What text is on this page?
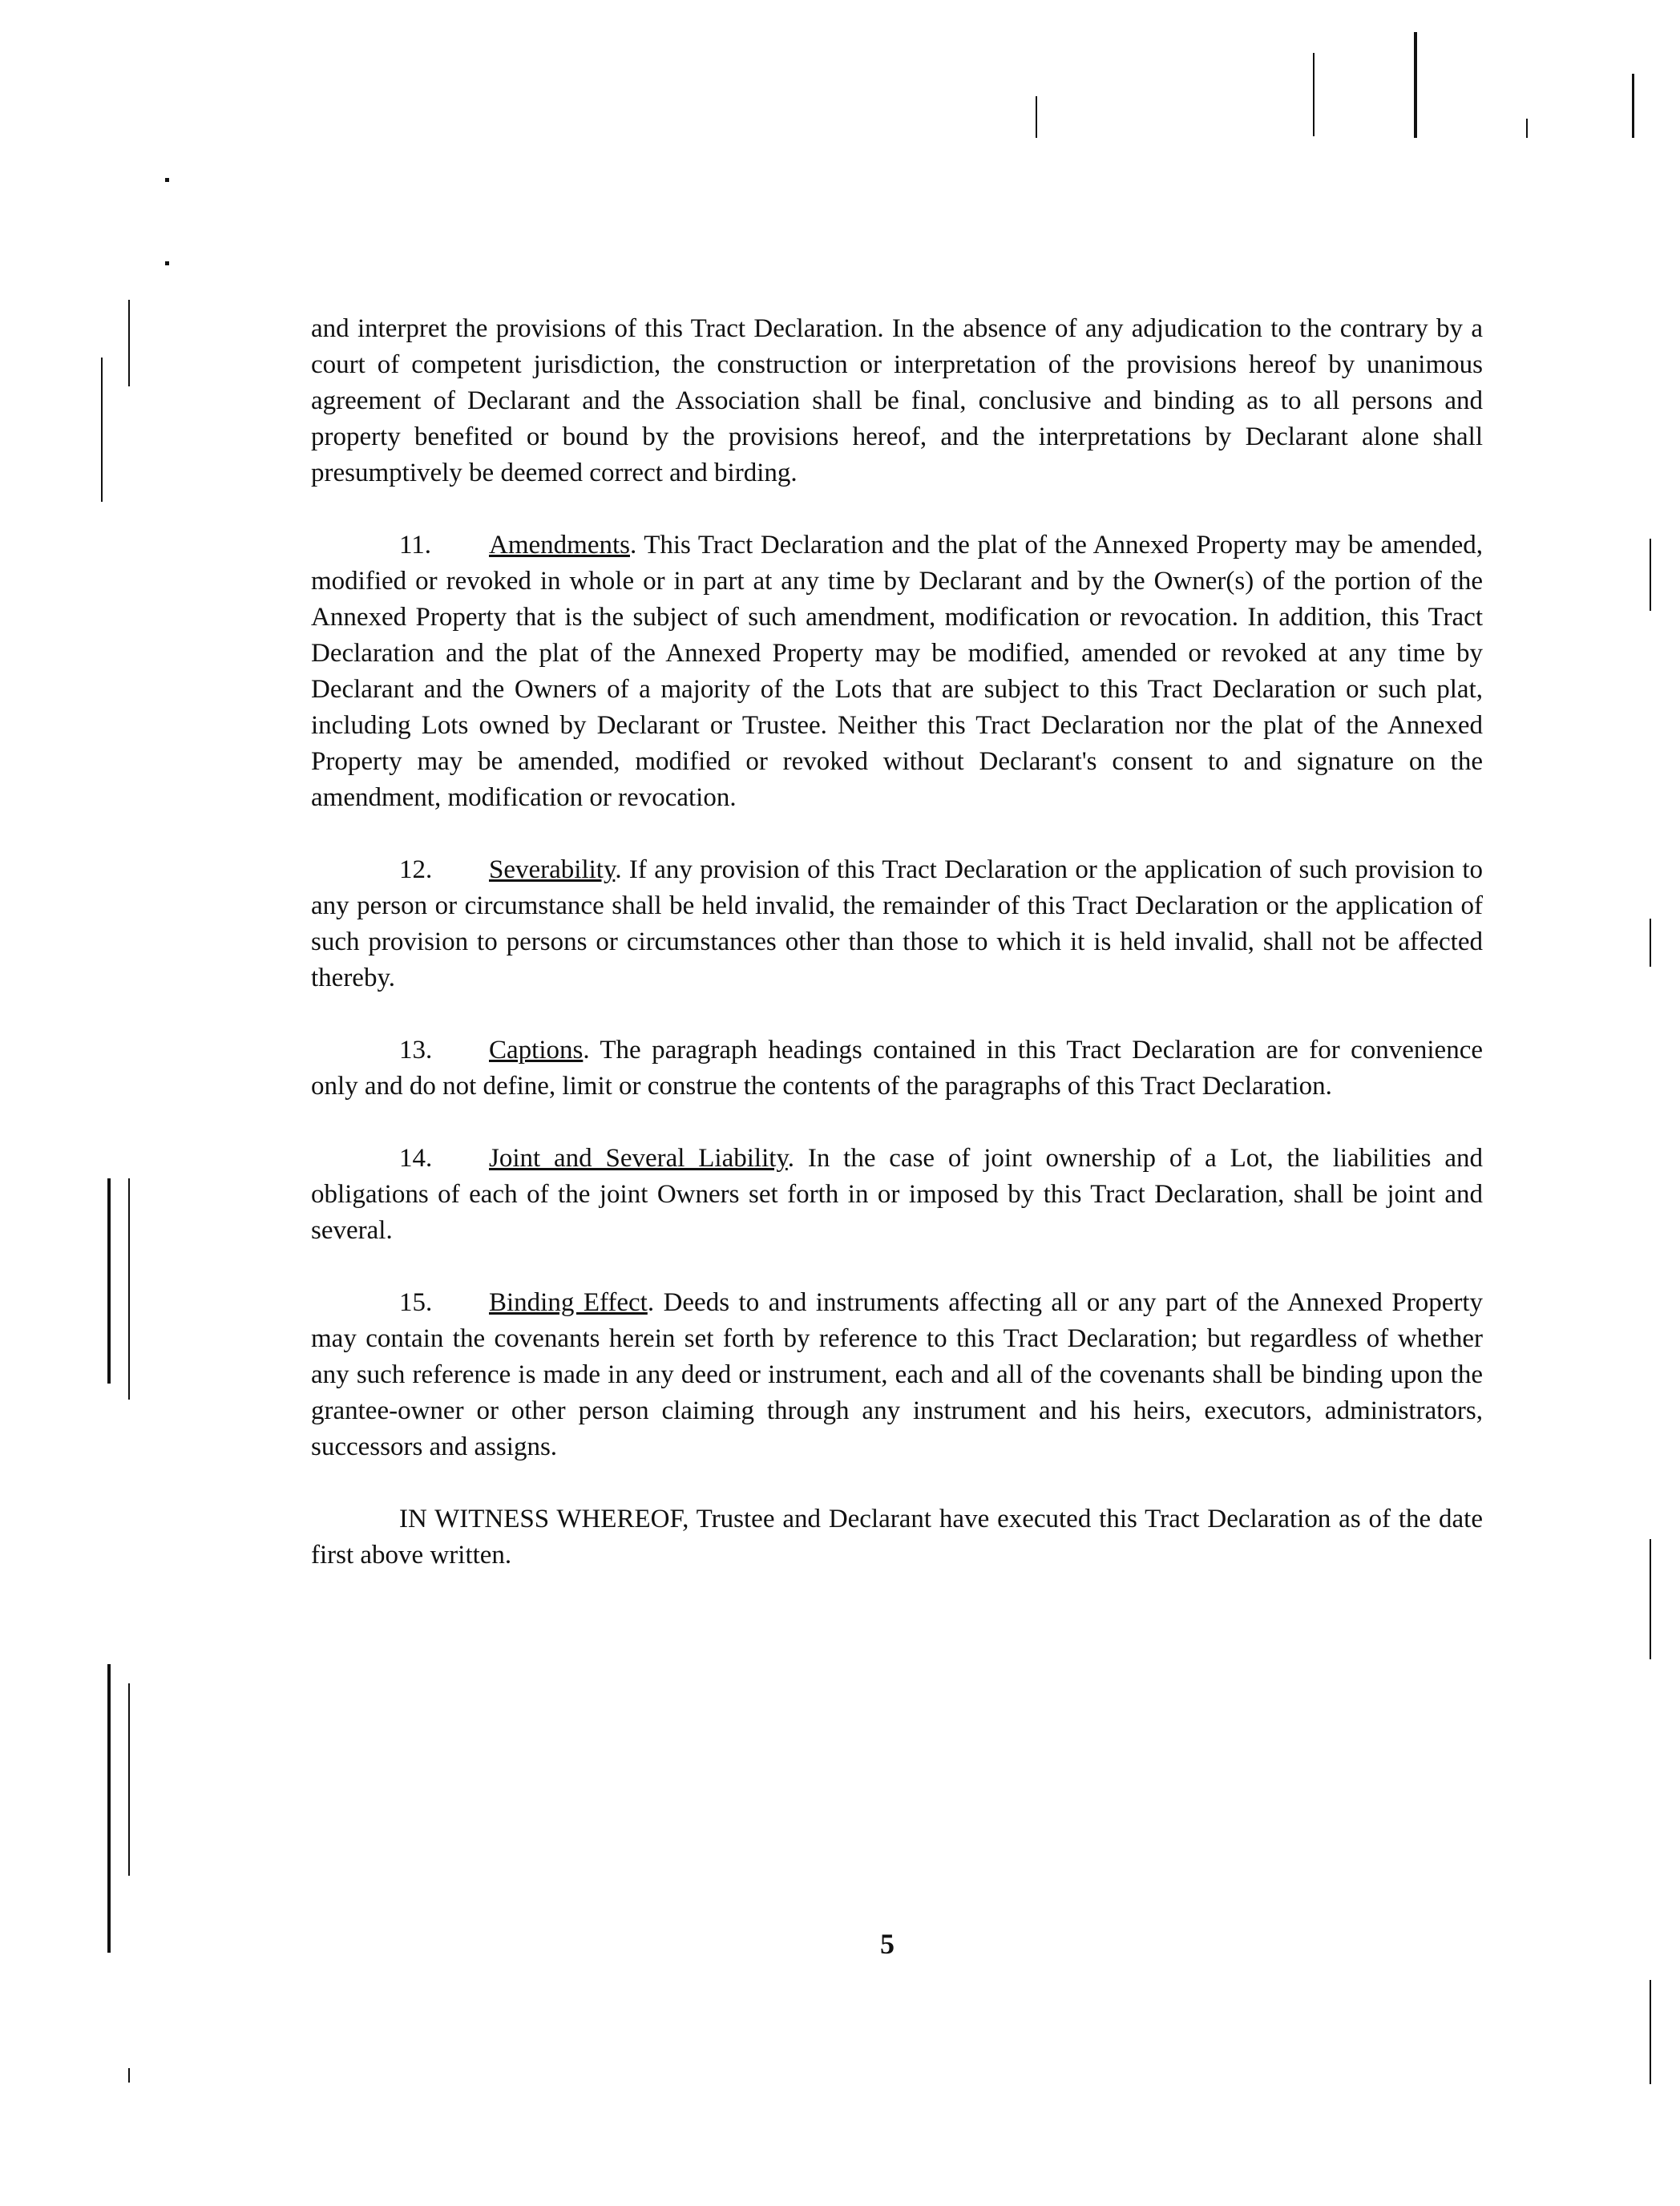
and interpret the provisions of this Tract Declaration. In the absence of any adjudication to the contrary by a court of competent jurisdiction, the construction or interpretation of the provisions hereof by unanimous agreement of Declarant and the Association shall be final, conclusive and binding as to all persons and property benefited or bound by the provisions hereof, and the interpretations by Declarant alone shall presumptively be deemed correct and birding.

11. Amendments. This Tract Declaration and the plat of the Annexed Property may be amended, modified or revoked in whole or in part at any time by Declarant and by the Owner(s) of the portion of the Annexed Property that is the subject of such amendment, modification or revocation. In addition, this Tract Declaration and the plat of the Annexed Property may be modified, amended or revoked at any time by Declarant and the Owners of a majority of the Lots that are subject to this Tract Declaration or such plat, including Lots owned by Declarant or Trustee. Neither this Tract Declaration nor the plat of the Annexed Property may be amended, modified or revoked without Declarant's consent to and signature on the amendment, modification or revocation.

12. Severability. If any provision of this Tract Declaration or the application of such provision to any person or circumstance shall be held invalid, the remainder of this Tract Declaration or the application of such provision to persons or circumstances other than those to which it is held invalid, shall not be affected thereby.

13. Captions. The paragraph headings contained in this Tract Declaration are for convenience only and do not define, limit or construe the contents of the paragraphs of this Tract Declaration.

14. Joint and Several Liability. In the case of joint ownership of a Lot, the liabilities and obligations of each of the joint Owners set forth in or imposed by this Tract Declaration, shall be joint and several.

15. Binding Effect. Deeds to and instruments affecting all or any part of the Annexed Property may contain the covenants herein set forth by reference to this Tract Declaration; but regardless of whether any such reference is made in any deed or instrument, each and all of the covenants shall be binding upon the grantee-owner or other person claiming through any instrument and his heirs, executors, administrators, successors and assigns.

IN WITNESS WHEREOF, Trustee and Declarant have executed this Tract Declaration as of the date first above written.

5
